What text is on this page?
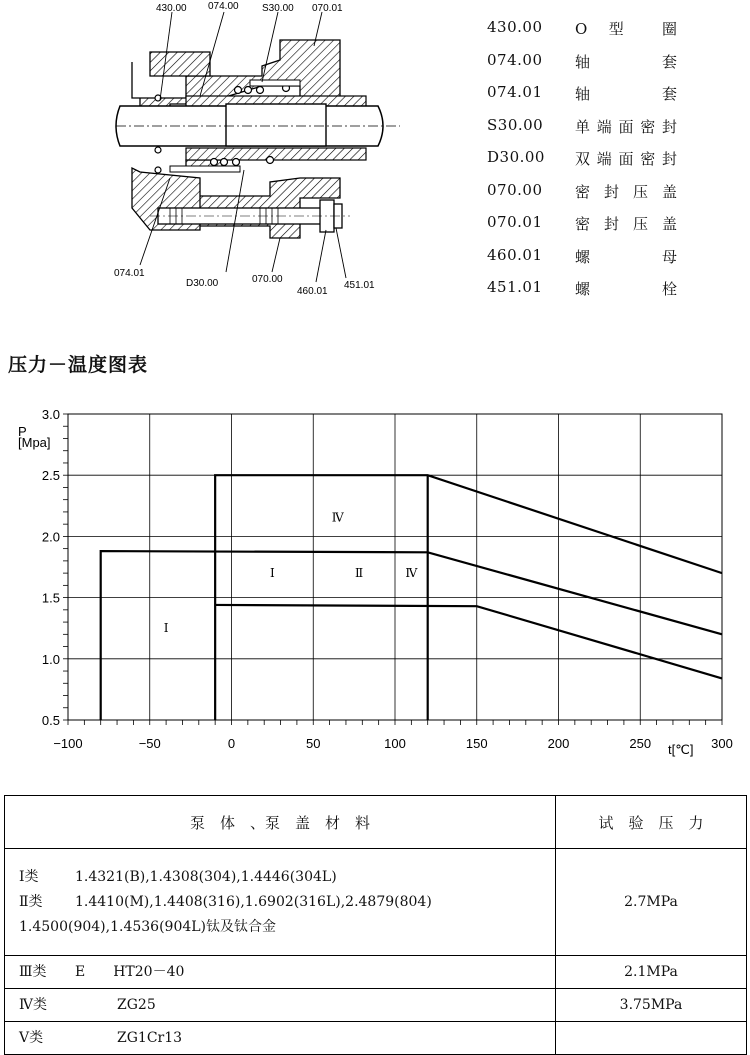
430.00 074.00 S30.00 070.01
074.01
D30.00	070.00
460.01
451.01
430.00 O 型 圈
074.00 轴 套
074.01 轴 套
S30.00 单端面密封
D30.00 双端面密封
070.00 密封压盖
070.01 密封压盖
460.01 螺 母
451.01 螺 栓
压力－温度图表
−100	−50	0	50	100	150	200	250	300
3.0
2.5
2.0
1.5
1.0
0.5
Ⅰ
Ⅰ	Ⅱ	Ⅳ
Ⅳ
P [Mpa]
t[℃]
泵　体　、泵　盖　材　料	试　验　压　力

Ⅰ类 1.4321(B),1.4308(304),1.4446(304L)
Ⅱ类 1.4410(M),1.4408(316),1.6902(316L),2.4879(804)
1.4500(904),1.4536(904L)钛及钛合金	2.7MPa

Ⅲ类 E　　HT20－40	2.1MPa

Ⅳ类　　　ZG25	3.75MPa

Ⅴ类　　　ZG1Cr13	
